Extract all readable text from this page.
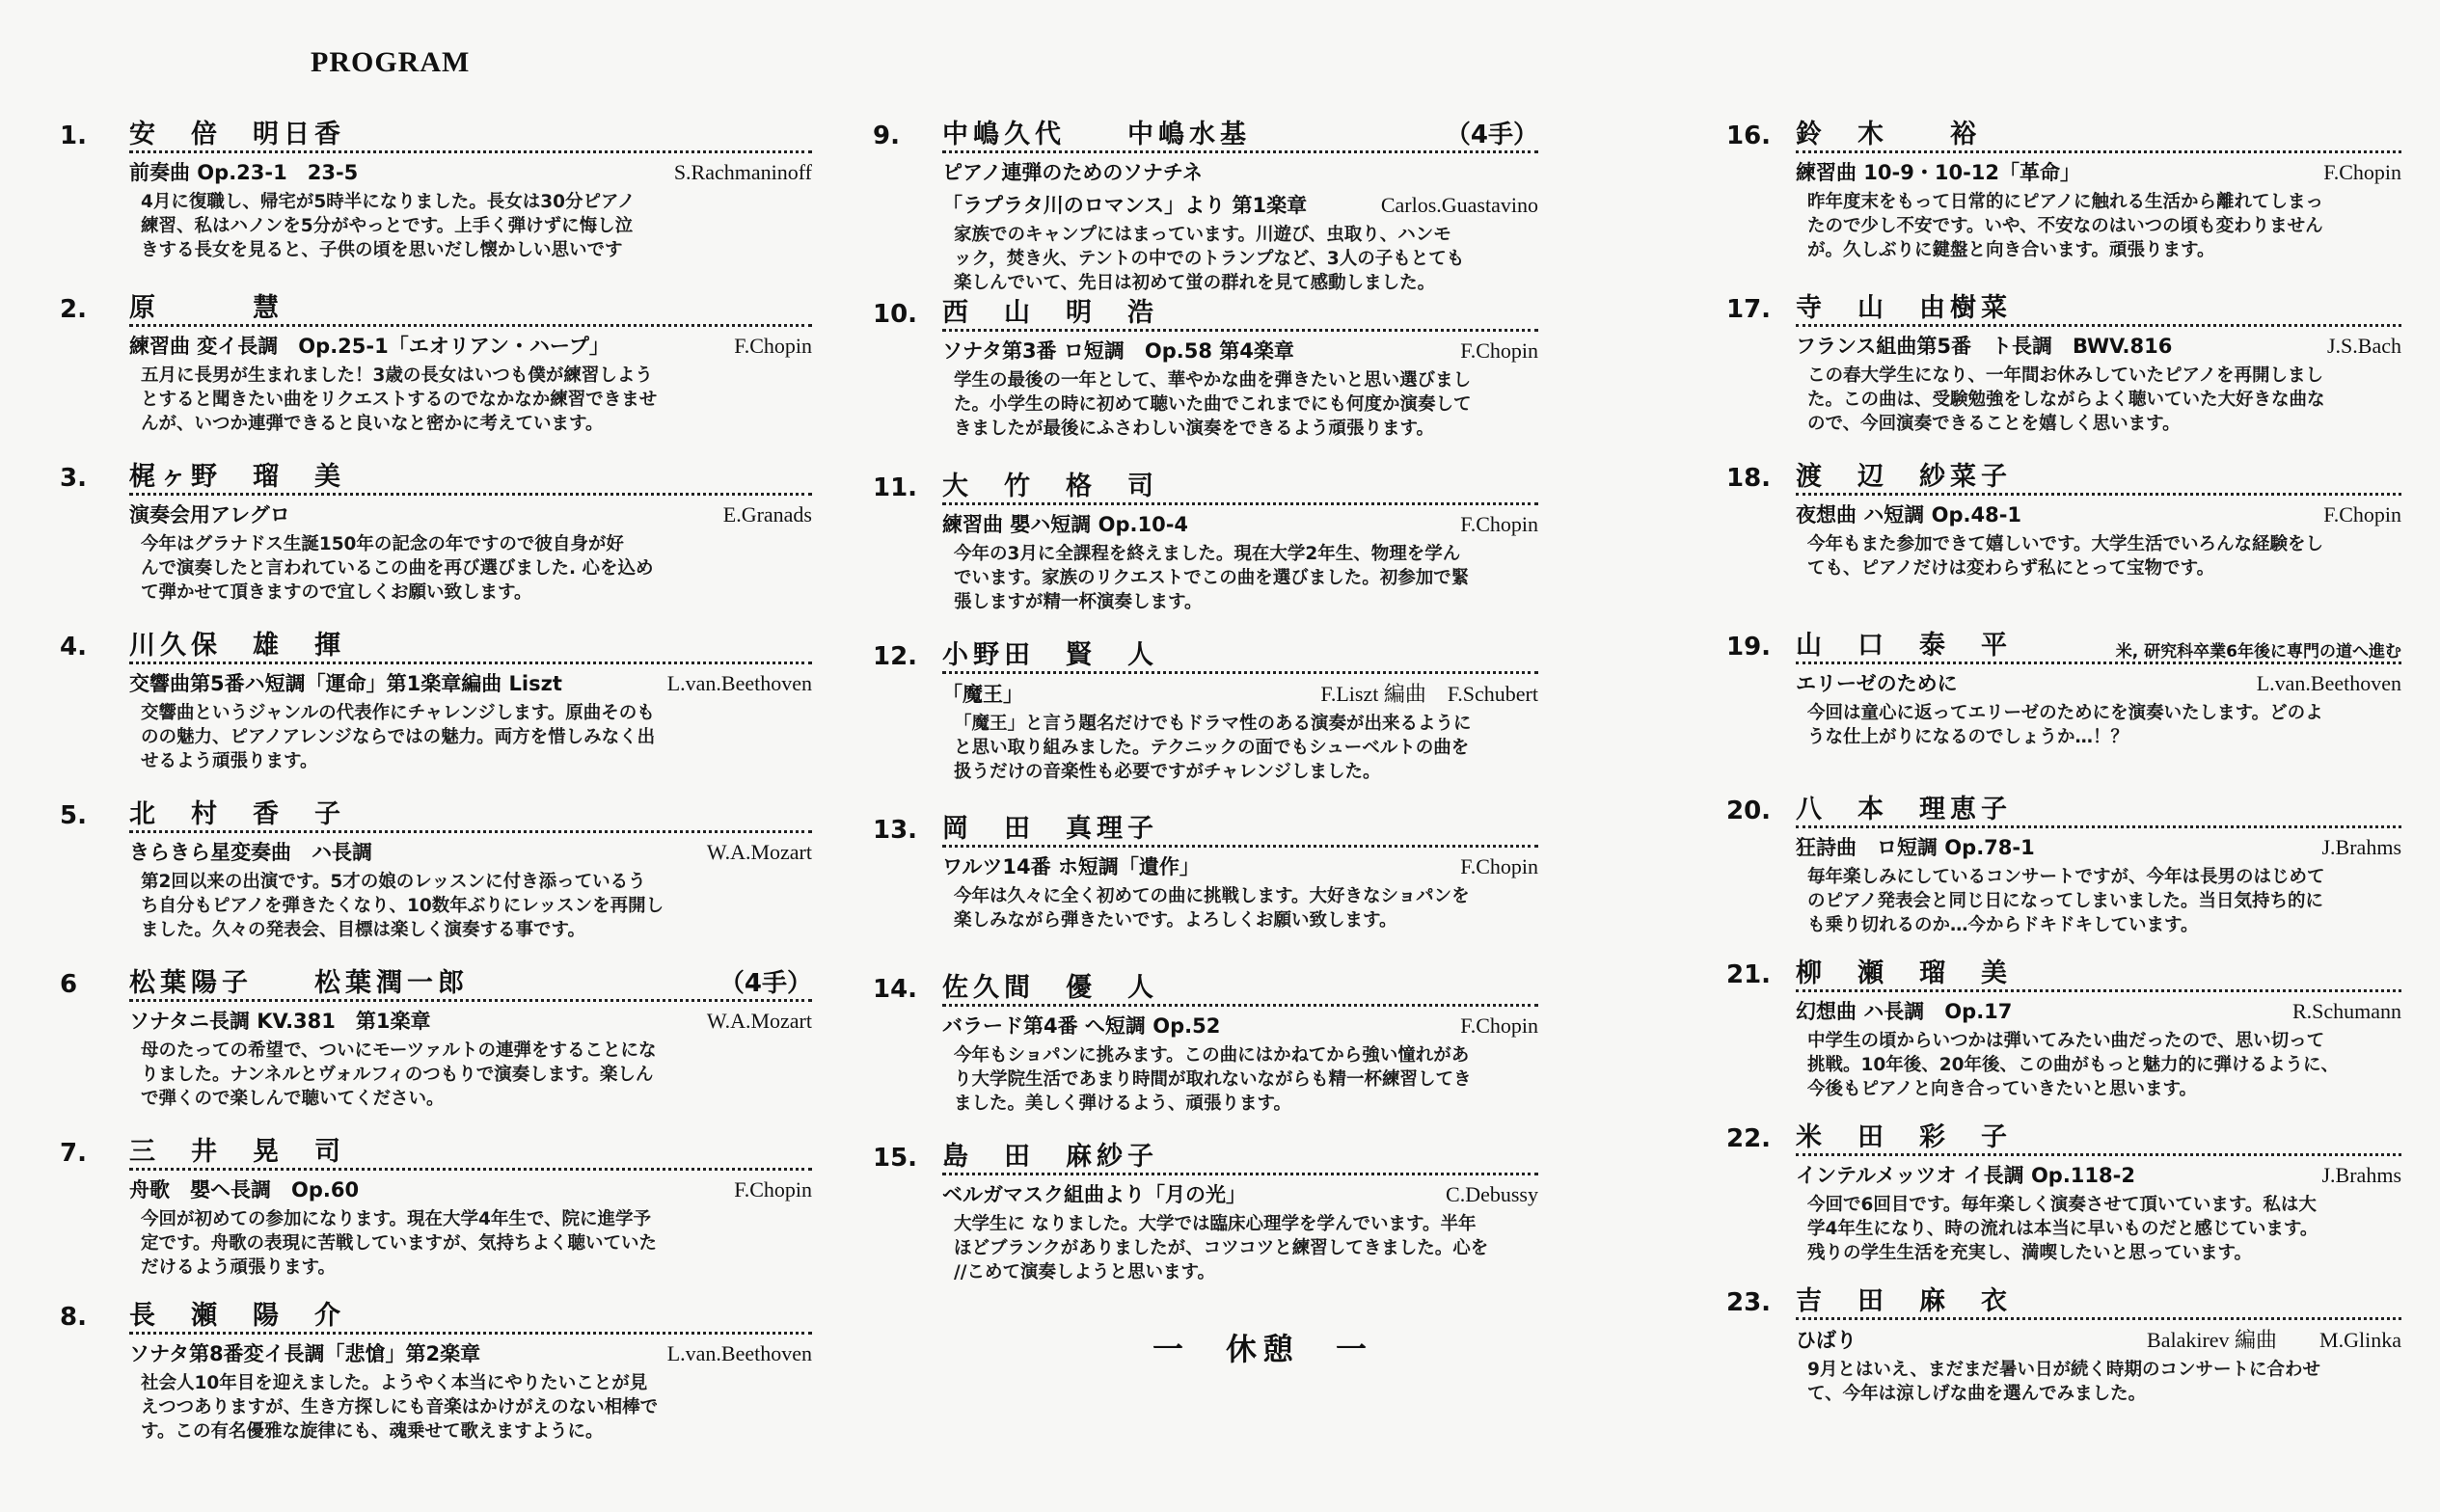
PROGRAM
1.	安　倍　明日香
前奏曲 Op.23-1　23-5	S.Rachmaninoff
4月に復職し、帰宅が5時半になりました。長女は30分ピアノ
練習、私はハノンを5分がやっとです。上手く弾けずに悔し泣
きする長女を見ると、子供の頃を思いだし懐かしい思いです
2.	原　　　慧
練習曲 変イ長調　Op.25-1「エオリアン・ハープ」	F.Chopin
五月に長男が生まれました！3歳の長女はいつも僕が練習しよう
とすると聞きたい曲をリクエストするのでなかなか練習できませ
んが、いつか連弾できると良いなと密かに考えています。
3.	梶ヶ野　瑠　美
演奏会用アレグロ	E.Granads
今年はグラナドス生誕150年の記念の年ですので彼自身が好
んで演奏したと言われているこの曲を再び選びました. 心を込め
て弾かせて頂きますので宜しくお願い致します。
4.	川久保　雄　揮
交響曲第5番ハ短調「運命」第1楽章編曲 Liszt	L.van.Beethoven
交響曲というジャンルの代表作にチャレンジします。原曲そのも
のの魅力、ピアノアレンジならではの魅力。両方を惜しみなく出
せるよう頑張ります。
5.	北　村　香　子
きらきら星変奏曲　ハ長調	W.A.Mozart
第2回以来の出演です。5才の娘のレッスンに付き添っているう
ち自分もピアノを弾きたくなり、10数年ぶりにレッスンを再開し
ました。久々の発表会、目標は楽しく演奏する事です。
6	松葉陽子　　松葉潤一郎	（4手）
ソナタニ長調 KV.381　第1楽章	W.A.Mozart
母のたっての希望で、ついにモーツァルトの連弾をすることにな
りました。ナンネルとヴォルフィのつもりで演奏します。楽しん
で弾くので楽しんで聴いてください。
7.	三　井　晃　司
舟歌　嬰ヘ長調　Op.60	F.Chopin
今回が初めての参加になります。現在大学4年生で、院に進学予
定です。舟歌の表現に苦戦していますが、気持ちよく聴いていた
だけるよう頑張ります。
8.	長　瀬　陽　介
ソナタ第8番変イ長調「悲愴」第2楽章	L.van.Beethoven
社会人10年目を迎えました。ようやく本当にやりたいことが見
えつつありますが、生き方探しにも音楽はかけがえのない相棒で
す。この有名優雅な旋律にも、魂乗せて歌えますように。
9.	中嶋久代　　中嶋水基	（4手）
ピアノ連弾のためのソナチネ
「ラプラタ川のロマンス」より 第1楽章	Carlos.Guastavino
家族でのキャンプにはまっています。川遊び、虫取り、ハンモ
ック，焚き火、テントの中でのトランプなど、3人の子もとても
楽しんでいて、先日は初めて蛍の群れを見て感動しました。
10. 西　山　明　浩
ソナタ第3番 ロ短調　Op.58 第4楽章	F.Chopin
学生の最後の一年として、華やかな曲を弾きたいと思い選びまし
た。小学生の時に初めて聴いた曲でこれまでにも何度か演奏して
きましたが最後にふさわしい演奏をできるよう頑張ります。
11. 大　竹　格　司
練習曲 嬰ハ短調 Op.10-4	F.Chopin
今年の3月に全課程を終えました。現在大学2年生、物理を学ん
でいます。家族のリクエストでこの曲を選びました。初参加で緊
張しますが精一杯演奏します。
12. 小野田　賢　人
「魔王」	F.Liszt 編曲　F.Schubert
「魔王」と言う題名だけでもドラマ性のある演奏が出来るように
と思い取り組みました。テクニックの面でもシューベルトの曲を
扱うだけの音楽性も必要ですがチャレンジしました。
13. 岡　田　真理子
ワルツ14番 ホ短調「遺作」	F.Chopin
今年は久々に全く初めての曲に挑戦します。大好きなショパンを
楽しみながら弾きたいです。よろしくお願い致します。
14. 佐久間　優　人
バラード第4番 へ短調 Op.52	F.Chopin
今年もショパンに挑みます。この曲にはかねてから強い憧れがあ
り大学院生活であまり時間が取れないながらも精一杯練習してき
ました。美しく弾けるよう、頑張ります。
15. 島　田　麻紗子
ベルガマスク組曲より「月の光」	C.Debussy
大学生に なりました。大学では臨床心理学を学んでいます。半年
ほどブランクがありましたが、コツコツと練習してきました。心を
//こめて演奏しようと思います。
16. 鈴　木　　裕
練習曲 10-9・10-12「革命」	F.Chopin
昨年度末をもって日常的にピアノに触れる生活から離れてしまっ
たので少し不安です。いや、不安なのはいつの頃も変わりません
が。久しぶりに鍵盤と向き合います。頑張ります。
17. 寺　山　由樹菜
フランス組曲第5番　ト長調　BWV.816	J.S.Bach
この春大学生になり、一年間お休みしていたピアノを再開しまし
た。この曲は、受験勉強をしながらよく聴いていた大好きな曲な
ので、今回演奏できることを嬉しく思います。
18. 渡　辺　紗菜子
夜想曲 ハ短調 Op.48-1	F.Chopin
今年もまた参加できて嬉しいです。大学生活でいろんな経験をし
ても、ピアノだけは変わらず私にとって宝物です。
19. 山　口　泰　平	米, 研究科卒業6年後に専門の道へ進む
エリーゼのために	L.van.Beethoven
今回は童心に返ってエリーゼのためにを演奏いたします。どのよ
うな仕上がりになるのでしょうか…！？
20. 八　本　理恵子
狂詩曲　ロ短調 Op.78-1	J.Brahms
毎年楽しみにしているコンサートですが、今年は長男のはじめて
のピアノ発表会と同じ日になってしまいました。当日気持ち的に
も乗り切れるのか…今からドキドキしています。
21. 柳　瀬　瑠　美
幻想曲 ハ長調　Op.17	R.Schumann
中学生の頃からいつかは弾いてみたい曲だったので、思い切って
挑戦。10年後、20年後、この曲がもっと魅力的に弾けるように、
今後もピアノと向き合っていきたいと思います。
22. 米　田　彩　子
インテルメッツオ イ長調 Op.118-2	J.Brahms
今回で6回目です。毎年楽しく演奏させて頂いています。私は大
学4年生になり、時の流れは本当に早いものだと感じています。
残りの学生生活を充実し、満喫したいと思っています。
23. 吉　田　麻　衣
ひばり	Balakirev 編曲　　M.Glinka
9月とはいえ、まだまだ暑い日が続く時期のコンサートに合わせ
て、今年は涼しげな曲を選んでみました。
一　休憩　一
